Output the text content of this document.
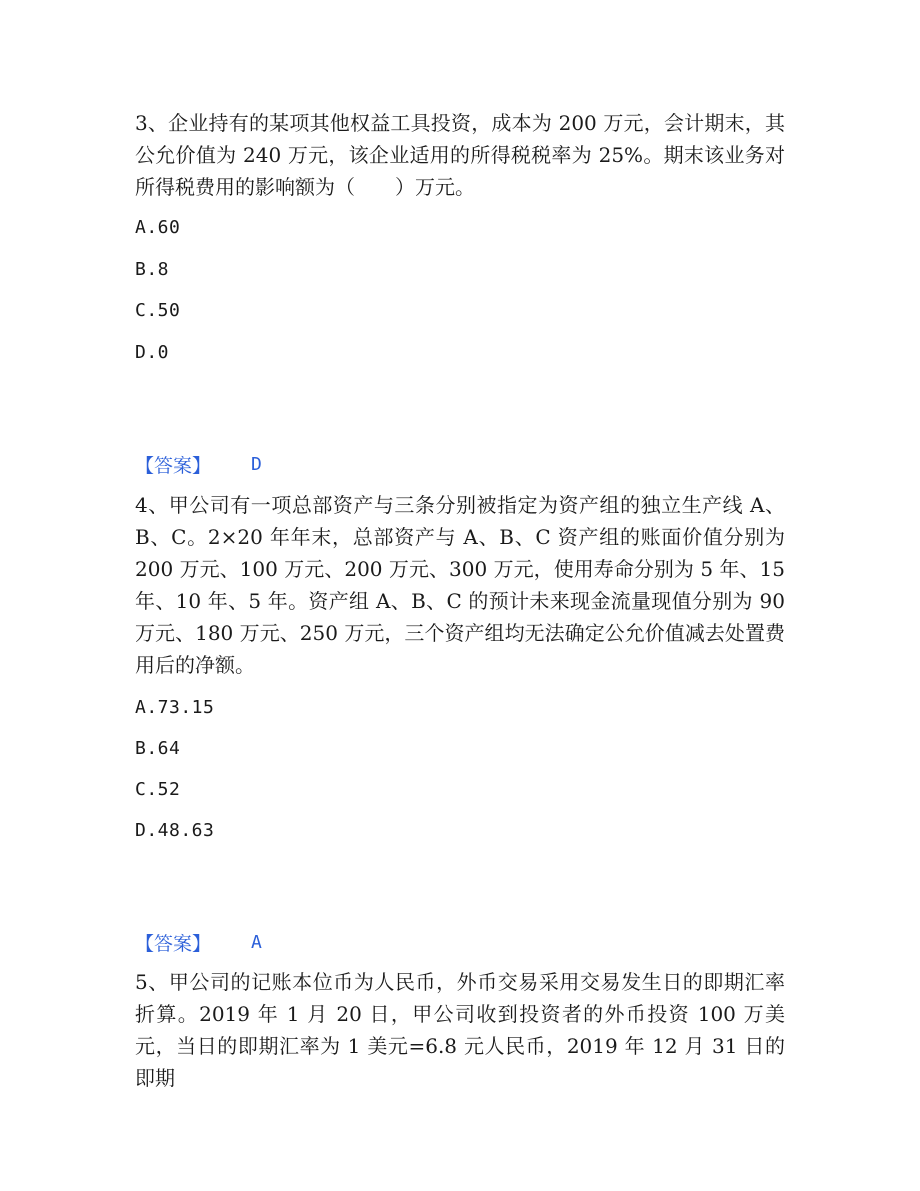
3、企业持有的某项其他权益工具投资，成本为 200 万元，会计期末，其公允价值为 240 万元，该企业适用的所得税税率为 25%。期末该业务对所得税费用的影响额为（　　）万元。

A.60
B.8
C.50
D.0
【答案】 D

4、甲公司有一项总部资产与三条分别被指定为资产组的独立生产线 A、B、C。2×20 年年末，总部资产与 A、B、C 资产组的账面价值分别为 200 万元、100 万元、200 万元、300 万元，使用寿命分别为 5 年、15 年、10 年、5 年。资产组 A、B、C 的预计未来现金流量现值分别为 90 万元、180 万元、250 万元，三个资产组均无法确定公允价值减去处置费用后的净额。

A.73.15
B.64
C.52
D.48.63
【答案】 A

5、甲公司的记账本位币为人民币，外币交易采用交易发生日的即期汇率折算。2019 年 1 月 20 日，甲公司收到投资者的外币投资 100 万美元，当日的即期汇率为 1 美元=6.8 元人民币，2019 年 12 月 31 日的即期
